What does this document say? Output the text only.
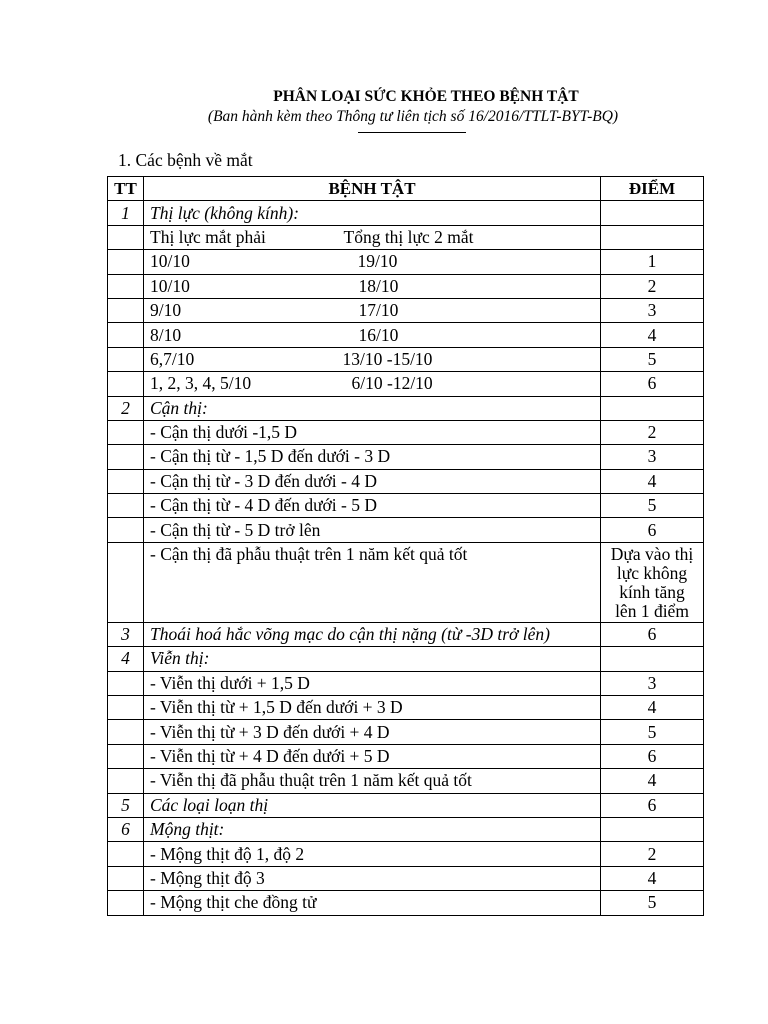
PHÂN LOẠI SỨC KHỎE THEO BỆNH TẬT
(Ban hành kèm theo Thông tư liên tịch số 16/2016/TTLT-BYT-BQ)
1. Các bệnh về mắt
TT	BỆNH TẬT	ĐIỂM
1	Thị lực (không kính):	
	Thị lực mắt phải Tổng thị lực 2 mắt	
	10/10 19/10	1
	10/10 18/10	2
	9/10 17/10	3
	8/10 16/10	4
	6,7/10 13/10 -15/10	5
	1, 2, 3, 4, 5/10 6/10 -12/10	6
2	Cận thị:	
	- Cận thị dưới -1,5 D	2
	- Cận thị từ - 1,5 D đến dưới - 3 D	3
	- Cận thị từ - 3 D đến dưới - 4 D	4
	- Cận thị từ - 4 D đến dưới - 5 D	5
	- Cận thị từ - 5 D trở lên	6
	- Cận thị đã phẫu thuật trên 1 năm kết quả tốt	Dựa vào thị lực không kính tăng lên 1 điểm

3	Thoái hoá hắc võng mạc do cận thị nặng (từ -3D trở lên)	6
4	Viễn thị:	
	- Viễn thị dưới + 1,5 D	3
	- Viễn thị từ + 1,5 D đến dưới + 3 D	4
	- Viễn thị từ + 3 D đến dưới + 4 D	5
	- Viễn thị từ + 4 D đến dưới + 5 D	6
	- Viễn thị đã phẫu thuật trên 1 năm kết quả tốt	4
5	Các loại loạn thị	6
6	Mộng thịt:	
	- Mộng thịt độ 1, độ 2	2
	- Mộng thịt độ 3	4
	- Mộng thịt che đồng tử	5
